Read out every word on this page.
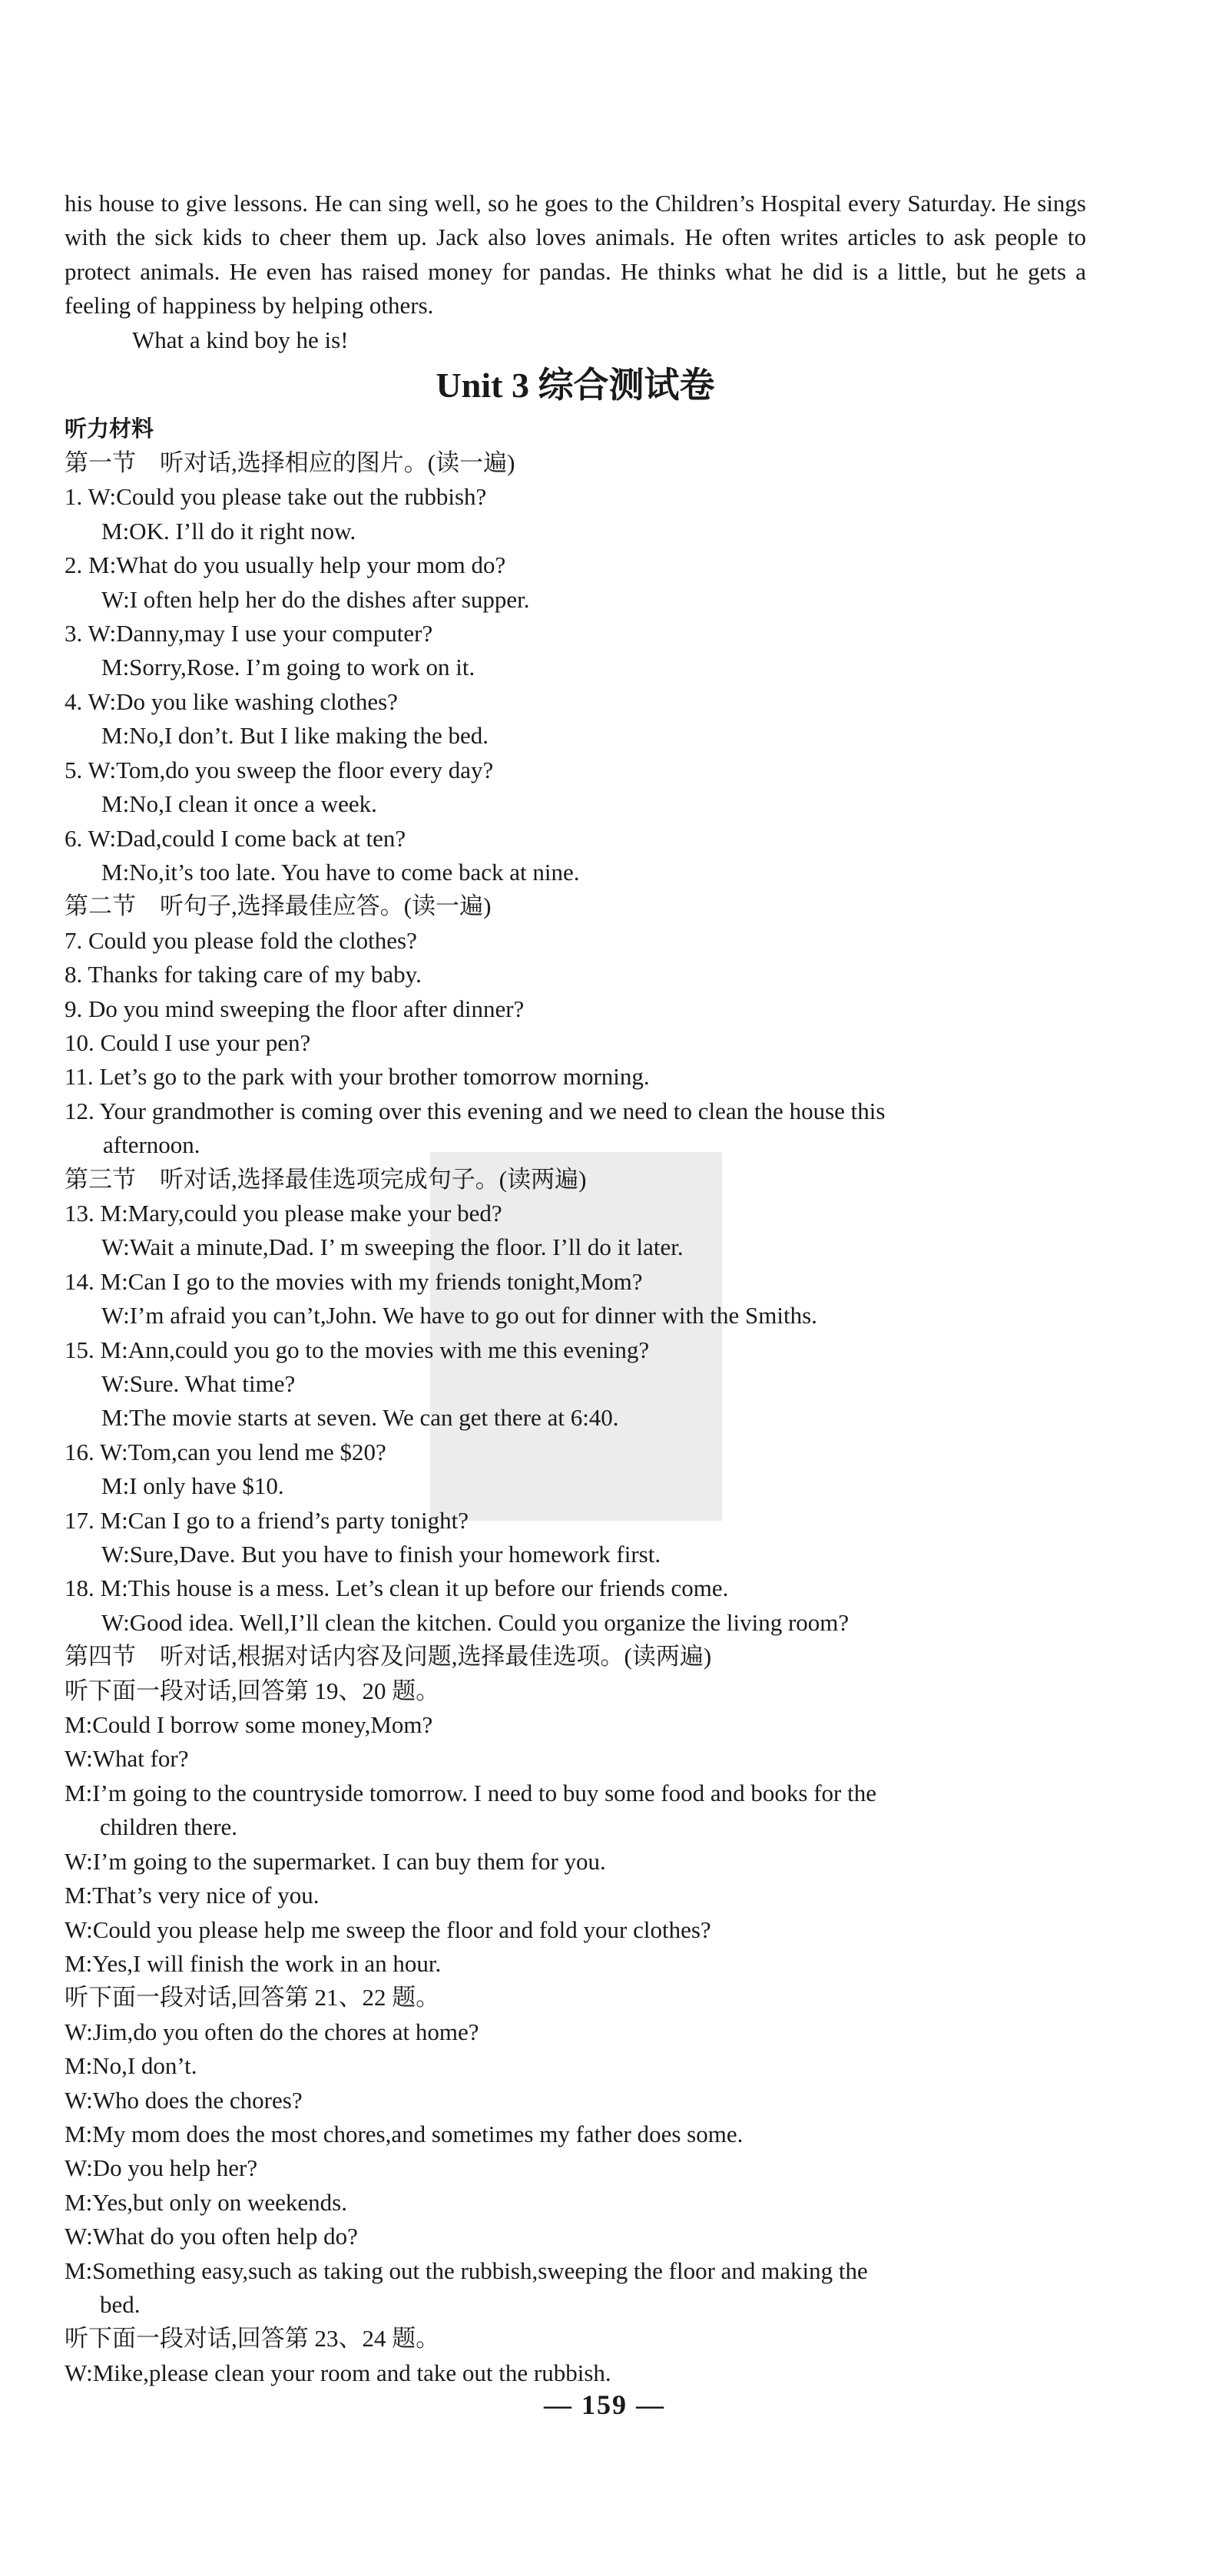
his house to give lessons. He can sing well, so he goes to the Children’s Hospital every Saturday. He sings with the sick kids to cheer them up. Jack also loves animals. He often writes articles to ask people to protect animals. He even has raised money for pandas. He thinks what he did is a little, but he gets a feeling of happiness by helping others.

What a kind boy he is!

Unit 3 综合测试卷

听力材料

第一节　听对话,选择相应的图片。(读一遍)

1. W:Could you please take out the rubbish?

M:OK. I’ll do it right now.

2. M:What do you usually help your mom do?

W:I often help her do the dishes after supper.

3. W:Danny,may I use your computer?

M:Sorry,Rose. I’m going to work on it.

4. W:Do you like washing clothes?

M:No,I don’t. But I like making the bed.

5. W:Tom,do you sweep the floor every day?

M:No,I clean it once a week.

6. W:Dad,could I come back at ten?

M:No,it’s too late. You have to come back at nine.

第二节　听句子,选择最佳应答。(读一遍)

7. Could you please fold the clothes?

8. Thanks for taking care of my baby.

9. Do you mind sweeping the floor after dinner?

10. Could I use your pen?

11. Let’s go to the park with your brother tomorrow morning.

12. Your grandmother is coming over this evening and we need to clean the house this

afternoon.

第三节　听对话,选择最佳选项完成句子。(读两遍)

13. M:Mary,could you please make your bed?

W:Wait a minute,Dad. I’ m sweeping the floor. I’ll do it later.

14. M:Can I go to the movies with my friends tonight,Mom?

W:I’m afraid you can’t,John. We have to go out for dinner with the Smiths.

15. M:Ann,could you go to the movies with me this evening?

W:Sure. What time?

M:The movie starts at seven. We can get there at 6:40.

16. W:Tom,can you lend me $20?

M:I only have $10.

17. M:Can I go to a friend’s party tonight?

W:Sure,Dave. But you have to finish your homework first.

18. M:This house is a mess. Let’s clean it up before our friends come.

W:Good idea. Well,I’ll clean the kitchen. Could you organize the living room?

第四节　听对话,根据对话内容及问题,选择最佳选项。(读两遍)

听下面一段对话,回答第 19、20 题。

M:Could I borrow some money,Mom?

W:What for?

M:I’m going to the countryside tomorrow. I need to buy some food and books for the

children there.

W:I’m going to the supermarket. I can buy them for you.

M:That’s very nice of you.

W:Could you please help me sweep the floor and fold your clothes?

M:Yes,I will finish the work in an hour.

听下面一段对话,回答第 21、22 题。

W:Jim,do you often do the chores at home?

M:No,I don’t.

W:Who does the chores?

M:My mom does the most chores,and sometimes my father does some.

W:Do you help her?

M:Yes,but only on weekends.

W:What do you often help do?

M:Something easy,such as taking out the rubbish,sweeping the floor and making the

bed.

听下面一段对话,回答第 23、24 题。

W:Mike,please clean your room and take out the rubbish.

— 159 —
